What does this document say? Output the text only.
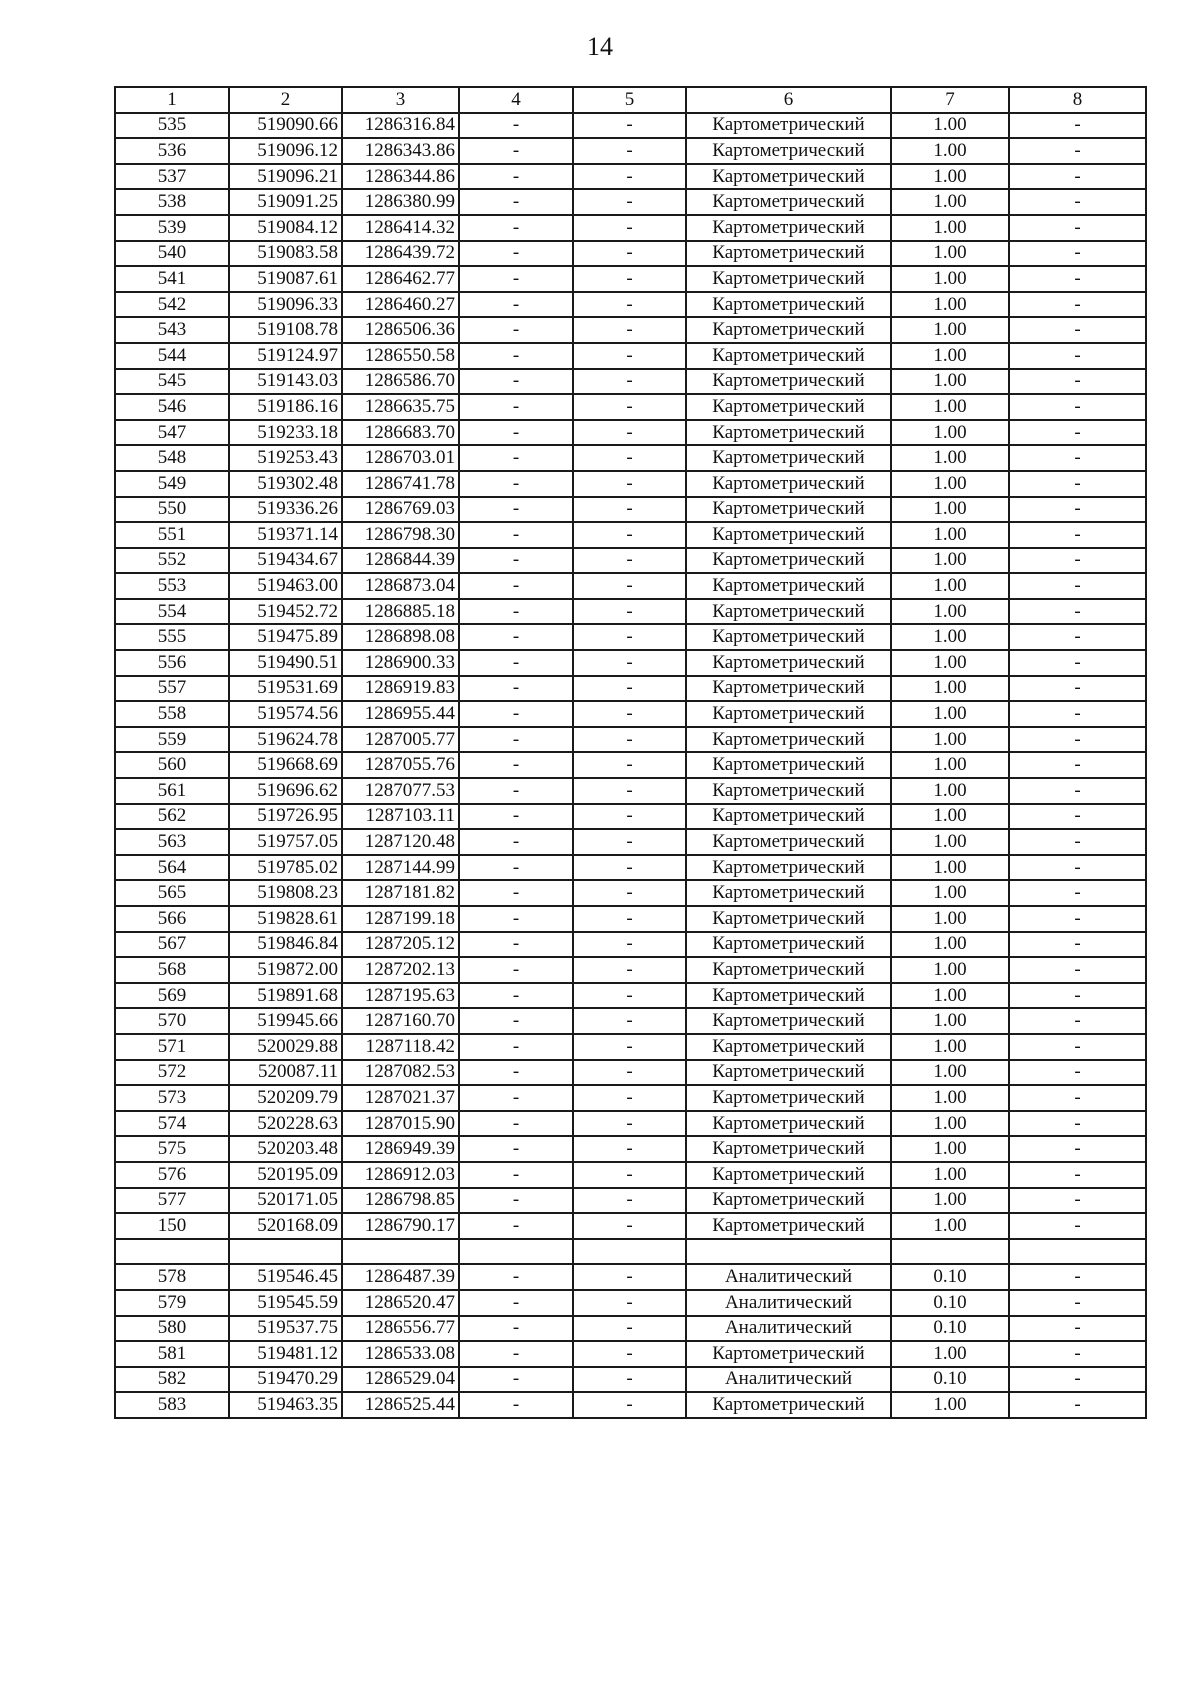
14
1	2	3	4	5	6	7	8
535	519090.66	1286316.84	-	-	Картометрический	1.00	-
536	519096.12	1286343.86	-	-	Картометрический	1.00	-
537	519096.21	1286344.86	-	-	Картометрический	1.00	-
538	519091.25	1286380.99	-	-	Картометрический	1.00	-
539	519084.12	1286414.32	-	-	Картометрический	1.00	-
540	519083.58	1286439.72	-	-	Картометрический	1.00	-
541	519087.61	1286462.77	-	-	Картометрический	1.00	-
542	519096.33	1286460.27	-	-	Картометрический	1.00	-
543	519108.78	1286506.36	-	-	Картометрический	1.00	-
544	519124.97	1286550.58	-	-	Картометрический	1.00	-
545	519143.03	1286586.70	-	-	Картометрический	1.00	-
546	519186.16	1286635.75	-	-	Картометрический	1.00	-
547	519233.18	1286683.70	-	-	Картометрический	1.00	-
548	519253.43	1286703.01	-	-	Картометрический	1.00	-
549	519302.48	1286741.78	-	-	Картометрический	1.00	-
550	519336.26	1286769.03	-	-	Картометрический	1.00	-
551	519371.14	1286798.30	-	-	Картометрический	1.00	-
552	519434.67	1286844.39	-	-	Картометрический	1.00	-
553	519463.00	1286873.04	-	-	Картометрический	1.00	-
554	519452.72	1286885.18	-	-	Картометрический	1.00	-
555	519475.89	1286898.08	-	-	Картометрический	1.00	-
556	519490.51	1286900.33	-	-	Картометрический	1.00	-
557	519531.69	1286919.83	-	-	Картометрический	1.00	-
558	519574.56	1286955.44	-	-	Картометрический	1.00	-
559	519624.78	1287005.77	-	-	Картометрический	1.00	-
560	519668.69	1287055.76	-	-	Картометрический	1.00	-
561	519696.62	1287077.53	-	-	Картометрический	1.00	-
562	519726.95	1287103.11	-	-	Картометрический	1.00	-
563	519757.05	1287120.48	-	-	Картометрический	1.00	-
564	519785.02	1287144.99	-	-	Картометрический	1.00	-
565	519808.23	1287181.82	-	-	Картометрический	1.00	-
566	519828.61	1287199.18	-	-	Картометрический	1.00	-
567	519846.84	1287205.12	-	-	Картометрический	1.00	-
568	519872.00	1287202.13	-	-	Картометрический	1.00	-
569	519891.68	1287195.63	-	-	Картометрический	1.00	-
570	519945.66	1287160.70	-	-	Картометрический	1.00	-
571	520029.88	1287118.42	-	-	Картометрический	1.00	-
572	520087.11	1287082.53	-	-	Картометрический	1.00	-
573	520209.79	1287021.37	-	-	Картометрический	1.00	-
574	520228.63	1287015.90	-	-	Картометрический	1.00	-
575	520203.48	1286949.39	-	-	Картометрический	1.00	-
576	520195.09	1286912.03	-	-	Картометрический	1.00	-
577	520171.05	1286798.85	-	-	Картометрический	1.00	-
150	520168.09	1286790.17	-	-	Картометрический	1.00	-

578	519546.45	1286487.39	-	-	Аналитический	0.10	-
579	519545.59	1286520.47	-	-	Аналитический	0.10	-
580	519537.75	1286556.77	-	-	Аналитический	0.10	-
581	519481.12	1286533.08	-	-	Картометрический	1.00	-
582	519470.29	1286529.04	-	-	Аналитический	0.10	-
583	519463.35	1286525.44	-	-	Картометрический	1.00	-
